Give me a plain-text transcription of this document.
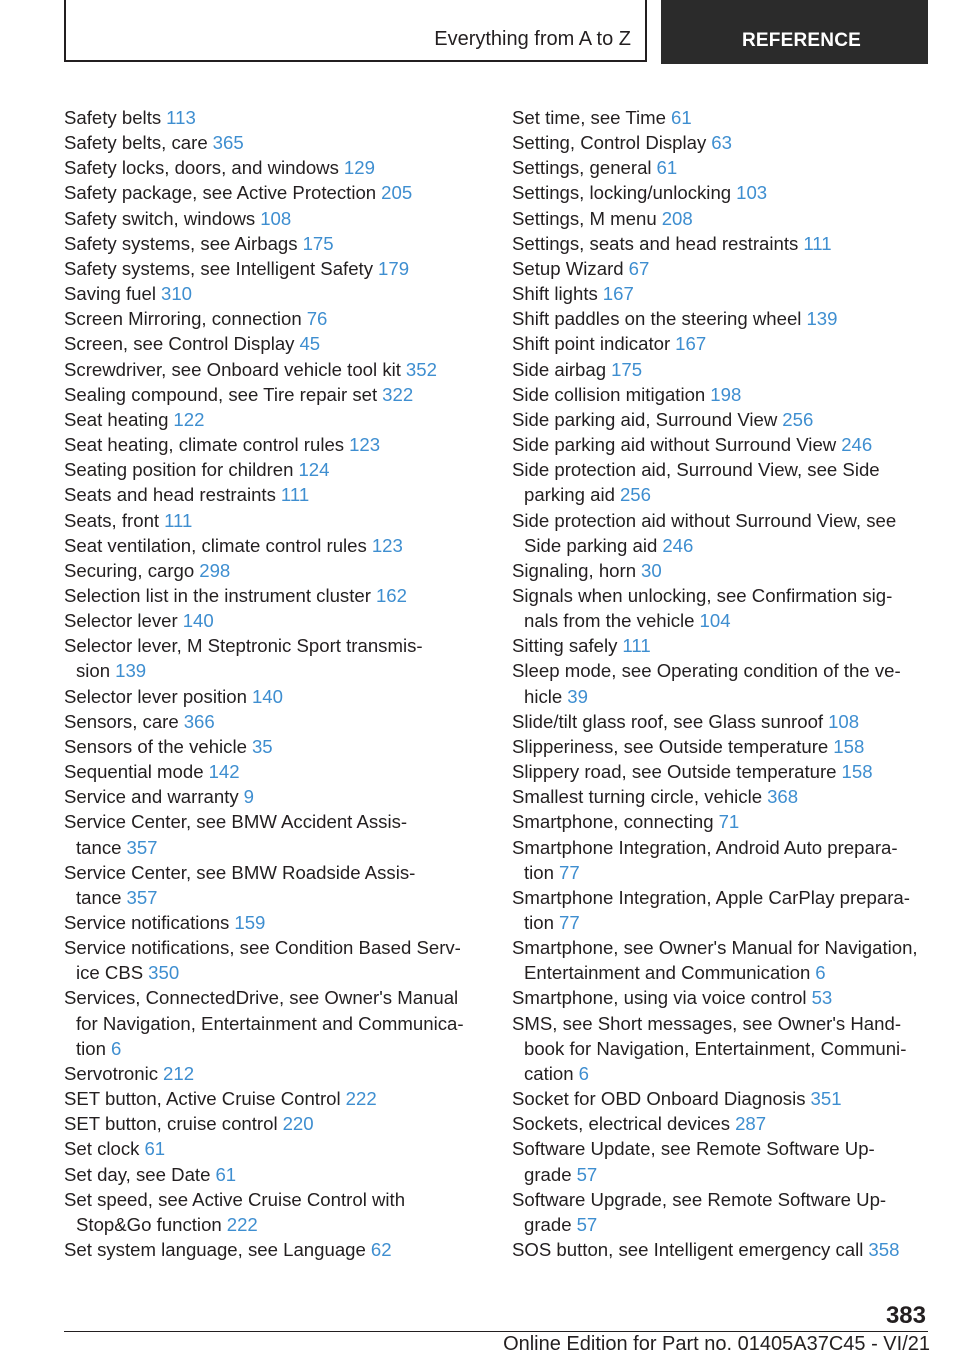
Everything from A to Z	REFERENCE
Safety belts 113
Safety belts, care 365
Safety locks, doors, and windows 129
Safety package, see Active Protection 205
Safety switch, windows 108
Safety systems, see Airbags 175
Safety systems, see Intelligent Safety 179
Saving fuel 310
Screen Mirroring, connection 76
Screen, see Control Display 45
Screwdriver, see Onboard vehicle tool kit 352
Sealing compound, see Tire repair set 322
Seat heating 122
Seat heating, climate control rules 123
Seating position for children 124
Seats and head restraints 111
Seats, front 111
Seat ventilation, climate control rules 123
Securing, cargo 298
Selection list in the instrument cluster 162
Selector lever 140
Selector lever, M Steptronic Sport transmis-
sion 139
Selector lever position 140
Sensors, care 366
Sensors of the vehicle 35
Sequential mode 142
Service and warranty 9
Service Center, see BMW Accident Assis-
tance 357
Service Center, see BMW Roadside Assis-
tance 357
Service notifications 159
Service notifications, see Condition Based Serv-
ice CBS 350
Services, ConnectedDrive, see Owner's Manual
for Navigation, Entertainment and Communica-
tion 6
Servotronic 212
SET button, Active Cruise Control 222
SET button, cruise control 220
Set clock 61
Set day, see Date 61
Set speed, see Active Cruise Control with
Stop&Go function 222
Set system language, see Language 62
Set time, see Time 61
Setting, Control Display 63
Settings, general 61
Settings, locking/unlocking 103
Settings, M menu 208
Settings, seats and head restraints 111
Setup Wizard 67
Shift lights 167
Shift paddles on the steering wheel 139
Shift point indicator 167
Side airbag 175
Side collision mitigation 198
Side parking aid, Surround View 256
Side parking aid without Surround View 246
Side protection aid, Surround View, see Side
parking aid 256
Side protection aid without Surround View, see
Side parking aid 246
Signaling, horn 30
Signals when unlocking, see Confirmation sig-
nals from the vehicle 104
Sitting safely 111
Sleep mode, see Operating condition of the ve-
hicle 39
Slide/tilt glass roof, see Glass sunroof 108
Slipperiness, see Outside temperature 158
Slippery road, see Outside temperature 158
Smallest turning circle, vehicle 368
Smartphone, connecting 71
Smartphone Integration, Android Auto prepara-
tion 77
Smartphone Integration, Apple CarPlay prepara-
tion 77
Smartphone, see Owner's Manual for Navigation,
Entertainment and Communication 6
Smartphone, using via voice control 53
SMS, see Short messages, see Owner's Hand-
book for Navigation, Entertainment, Communi-
cation 6
Socket for OBD Onboard Diagnosis 351
Sockets, electrical devices 287
Software Update, see Remote Software Up-
grade 57
Software Upgrade, see Remote Software Up-
grade 57
SOS button, see Intelligent emergency call 358
383
Online Edition for Part no. 01405A37C45 - VI/21
